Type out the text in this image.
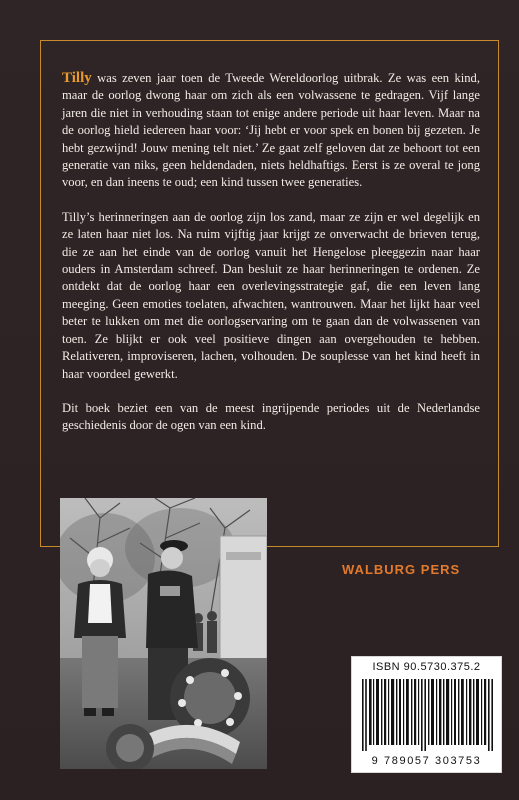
Tilly was zeven jaar toen de Tweede Wereldoorlog uitbrak. Ze was een kind, maar de oorlog dwong haar om zich als een volwassene te gedragen. Vijf lange jaren die niet in verhouding staan tot enige andere periode uit haar leven. Maar na de oorlog hield iedereen haar voor: ‘Jij hebt er voor spek en bonen bij gezeten. Je hebt gezwijnd! Jouw mening telt niet.’ Ze gaat zelf geloven dat ze behoort tot een generatie van niks, geen heldendaden, niets heldhaftigs. Eerst is ze overal te jong voor, en dan ineens te oud; een kind tussen twee generaties.

Tilly’s herinneringen aan de oorlog zijn los zand, maar ze zijn er wel degelijk en ze laten haar niet los. Na ruim vijftig jaar krijgt ze onverwacht de brieven terug, die ze aan het einde van de oorlog vanuit het Hengelose pleeggezin naar haar ouders in Amsterdam schreef. Dan besluit ze haar herinneringen te ordenen. Ze ontdekt dat de oorlog haar een overlevingsstrategie gaf, die een leven lang meeging. Geen emoties toelaten, afwachten, wantrouwen. Maar het lijkt haar veel beter te lukken om met die oorlogservaring om te gaan dan de volwassenen van toen. Ze blijkt er ook veel positieve dingen aan overgehouden te hebben. Relativeren, improviseren, lachen, volhouden. De souplesse van het kind heeft in haar voordeel gewerkt.

Dit boek beziet een van de meest ingrijpende periodes uit de Nederlandse geschiedenis door de ogen van een kind.

WALBURG PERS
ISBN 90.5730.375.2
9 789057 303753
